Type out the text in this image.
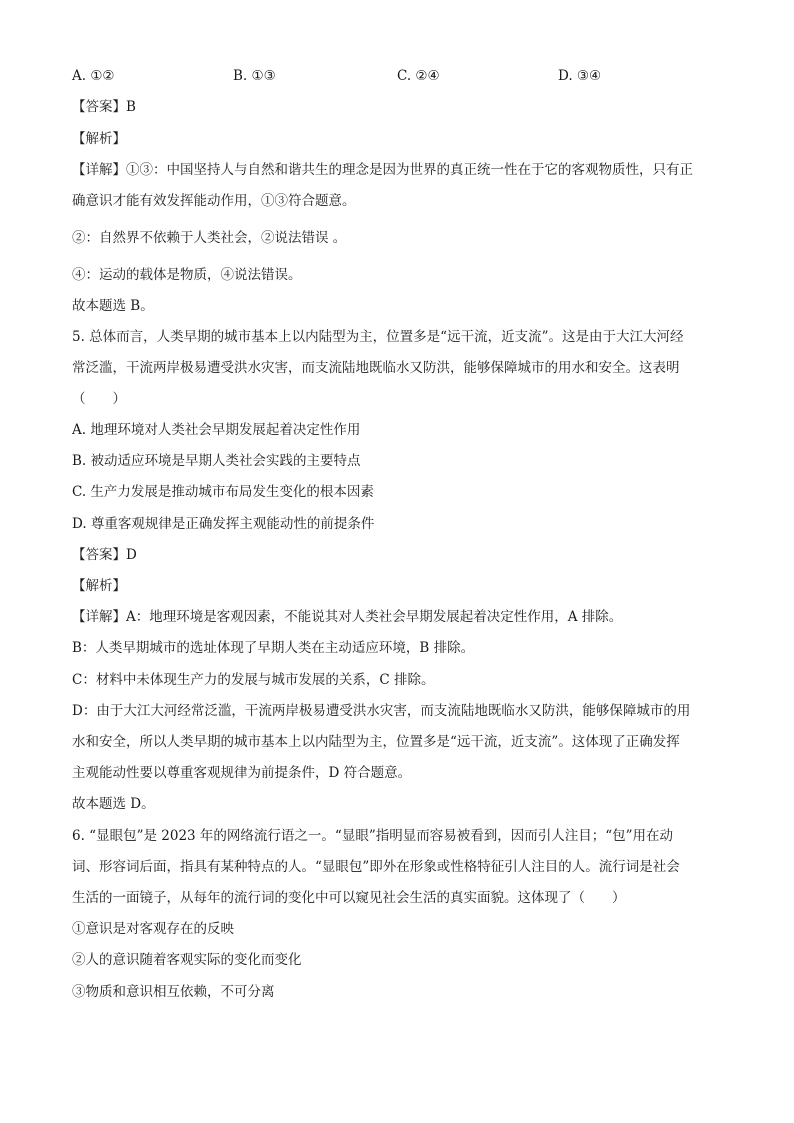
A. ①②	B. ①③	C. ②④	D. ③④
【答案】B
【解析】
【详解】①③：中国坚持人与自然和谐共生的理念是因为世界的真正统一性在于它的客观物质性，只有正
确意识才能有效发挥能动作用，①③符合题意。
②：自然界不依赖于人类社会，②说法错误 。
④：运动的载体是物质，④说法错误。
故本题选 B。
5. 总体而言，人类早期的城市基本上以内陆型为主，位置多是“远干流，近支流”。这是由于大江大河经
常泛滥，干流两岸极易遭受洪水灾害，而支流陆地既临水又防洪，能够保障城市的用水和安全。这表明
（　　）
A. 地理环境对人类社会早期发展起着决定性作用
B. 被动适应环境是早期人类社会实践的主要特点
C. 生产力发展是推动城市布局发生变化的根本因素
D. 尊重客观规律是正确发挥主观能动性的前提条件
【答案】D
【解析】
【详解】A：地理环境是客观因素，不能说其对人类社会早期发展起着决定性作用，A 排除。
B：人类早期城市的选址体现了早期人类在主动适应环境，B 排除。
C：材料中未体现生产力的发展与城市发展的关系，C 排除。
D：由于大江大河经常泛滥，干流两岸极易遭受洪水灾害，而支流陆地既临水又防洪，能够保障城市的用
水和安全，所以人类早期的城市基本上以内陆型为主，位置多是“远干流，近支流”。这体现了正确发挥
主观能动性要以尊重客观规律为前提条件，D 符合题意。
故本题选 D。
6. “显眼包”是 2023 年的网络流行语之一。“显眼”指明显而容易被看到，因而引人注目；“包”用在动
词、形容词后面，指具有某种特点的人。“显眼包”即外在形象或性格特征引人注目的人。流行词是社会
生活的一面镜子，从每年的流行词的变化中可以窥见社会生活的真实面貌。这体现了（　　）
①意识是对客观存在的反映
②人的意识随着客观实际的变化而变化
③物质和意识相互依赖，不可分离
